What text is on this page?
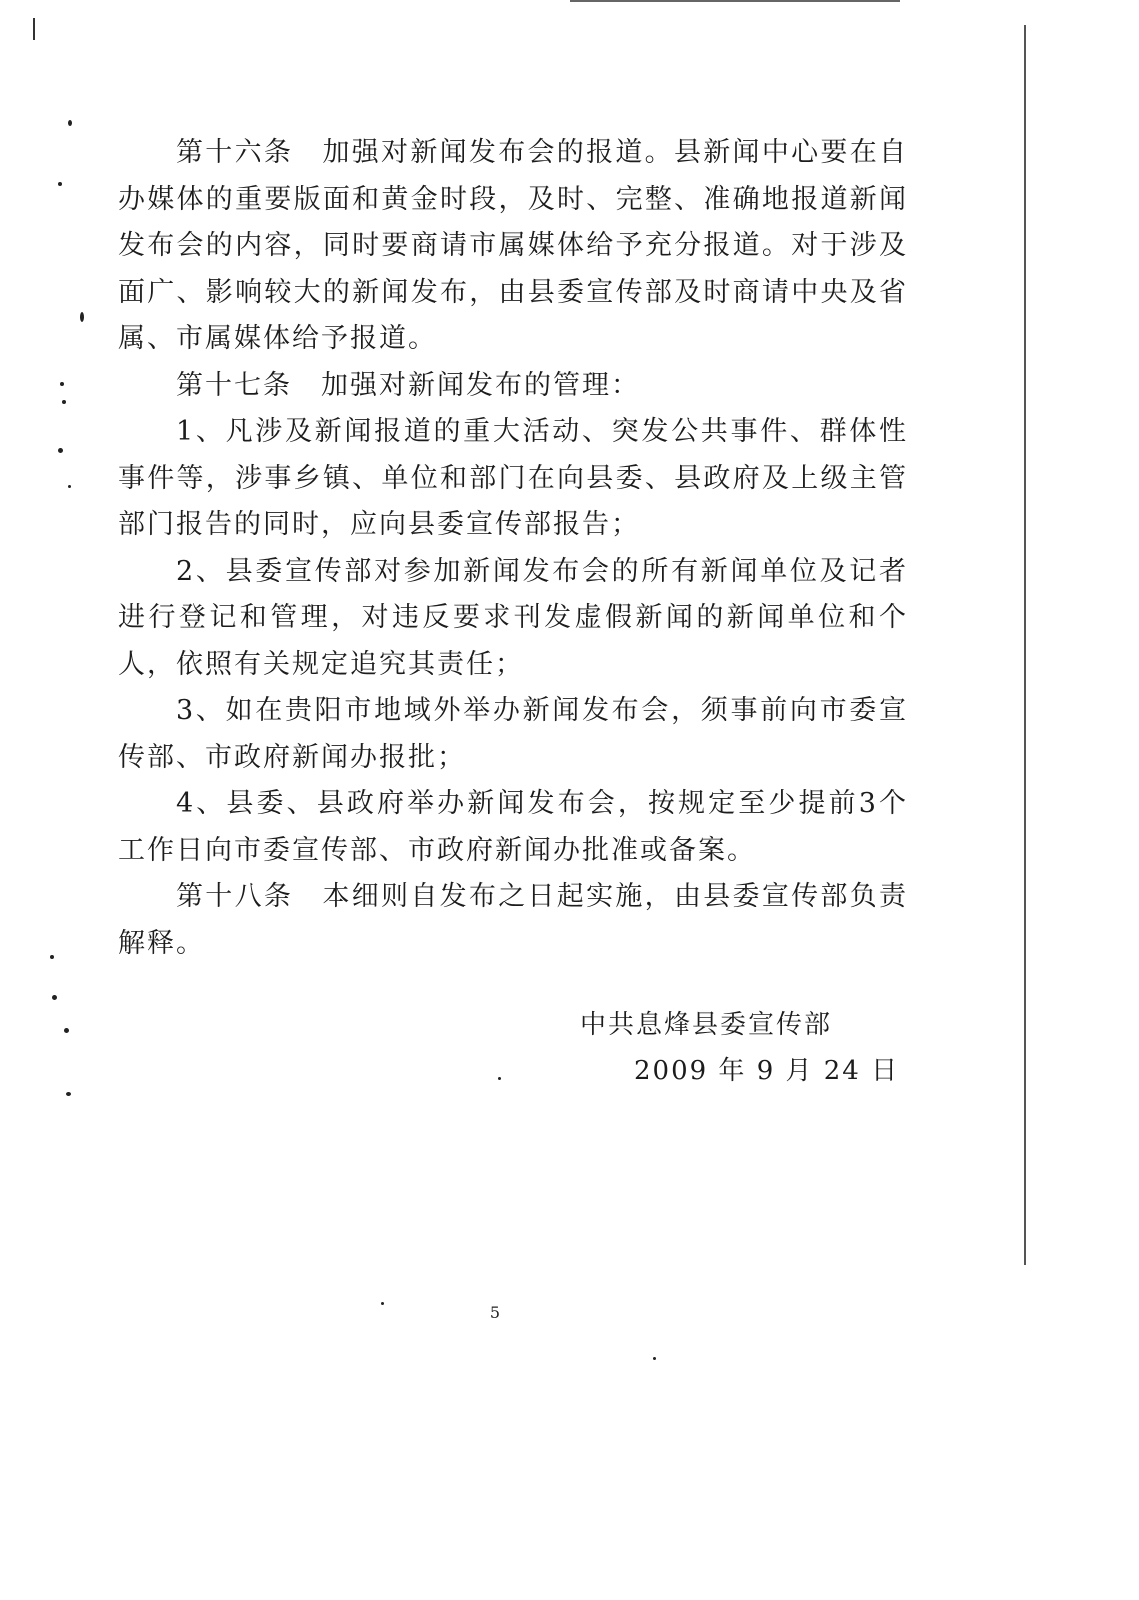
第十六条　加强对新闻发布会的报道。县新闻中心要在自办媒体的重要版面和黄金时段，及时、完整、准确地报道新闻发布会的内容，同时要商请市属媒体给予充分报道。对于涉及面广、影响较大的新闻发布，由县委宣传部及时商请中央及省属、市属媒体给予报道。

第十七条　加强对新闻发布的管理：

1、凡涉及新闻报道的重大活动、突发公共事件、群体性事件等，涉事乡镇、单位和部门在向县委、县政府及上级主管部门报告的同时，应向县委宣传部报告；

2、县委宣传部对参加新闻发布会的所有新闻单位及记者进行登记和管理，对违反要求刊发虚假新闻的新闻单位和个人，依照有关规定追究其责任；

3、如在贵阳市地域外举办新闻发布会，须事前向市委宣传部、市政府新闻办报批；

4、县委、县政府举办新闻发布会，按规定至少提前3个工作日向市委宣传部、市政府新闻办批准或备案。

第十八条　本细则自发布之日起实施，由县委宣传部负责解释。

中共息烽县委宣传部

2009 年 9 月 24 日

5
